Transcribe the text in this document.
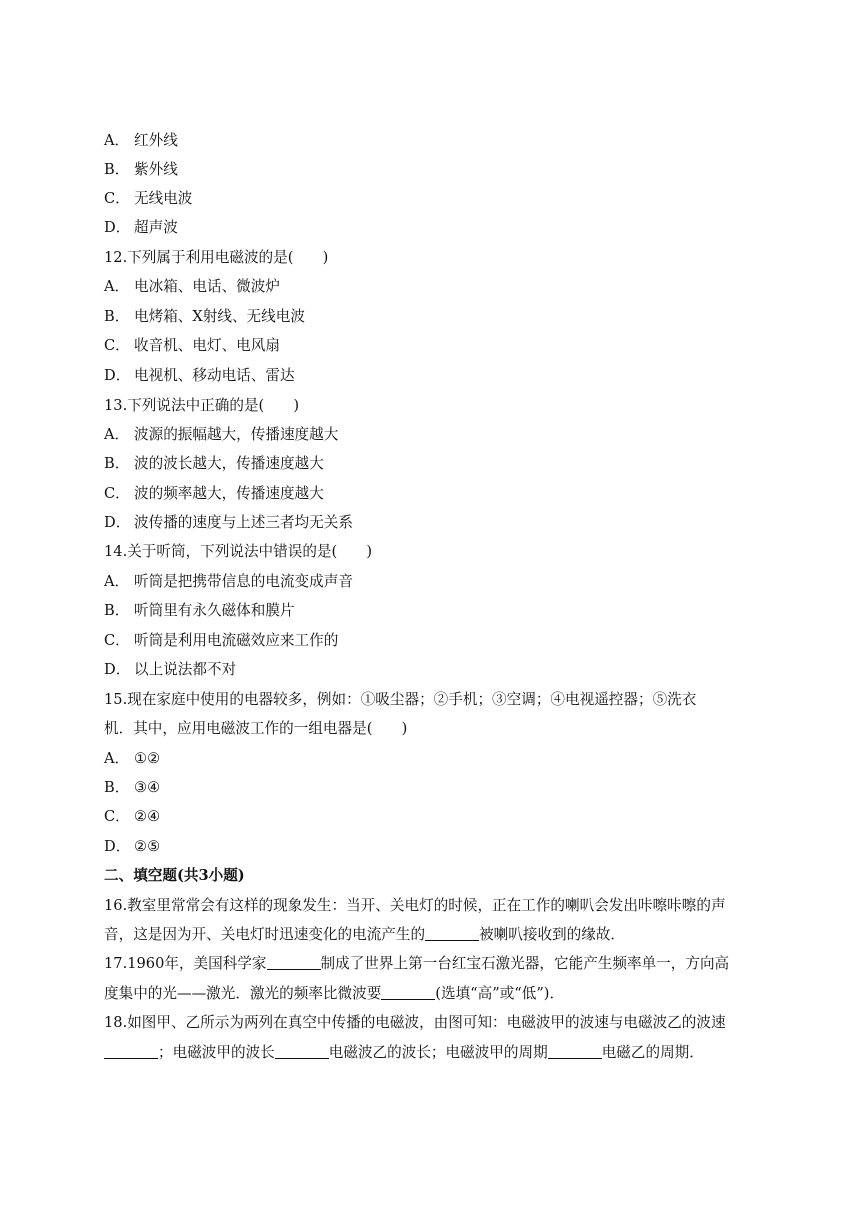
A． 红外线
B． 紫外线
C． 无线电波
D． 超声波
12.下列属于利用电磁波的是(　　)
A． 电冰箱、电话、微波炉
B． 电烤箱、X射线、无线电波
C． 收音机、电灯、电风扇
D． 电视机、移动电话、雷达
13.下列说法中正确的是(　　)
A． 波源的振幅越大，传播速度越大
B． 波的波长越大，传播速度越大
C． 波的频率越大，传播速度越大
D． 波传播的速度与上述三者均无关系
14.关于听筒，下列说法中错误的是(　　)
A． 听筒是把携带信息的电流变成声音
B． 听筒里有永久磁体和膜片
C． 听筒是利用电流磁效应来工作的
D． 以上说法都不对
15.现在家庭中使用的电器较多，例如：①吸尘器；②手机；③空调；④电视遥控器；⑤洗衣
机．其中，应用电磁波工作的一组电器是(　　)
A． ①②
B． ③④
C． ②④
D． ②⑤
二、填空题(共3小题)
16.教室里常常会有这样的现象发生：当开、关电灯的时候，正在工作的喇叭会发出咔嚓咔嚓的声
音，这是因为开、关电灯时迅速变化的电流产生的	被喇叭接收到的缘故．
17.1960年，美国科学家	制成了世界上第一台红宝石激光器，它能产生频率单一，方向高
度集中的光——激光．激光的频率比微波要	(选填“高”或“低”)．
18.如图甲、乙所示为两列在真空中传播的电磁波，由图可知：电磁波甲的波速与电磁波乙的波速
；电磁波甲的波长	电磁波乙的波长；电磁波甲的周期	电磁乙的周期．
